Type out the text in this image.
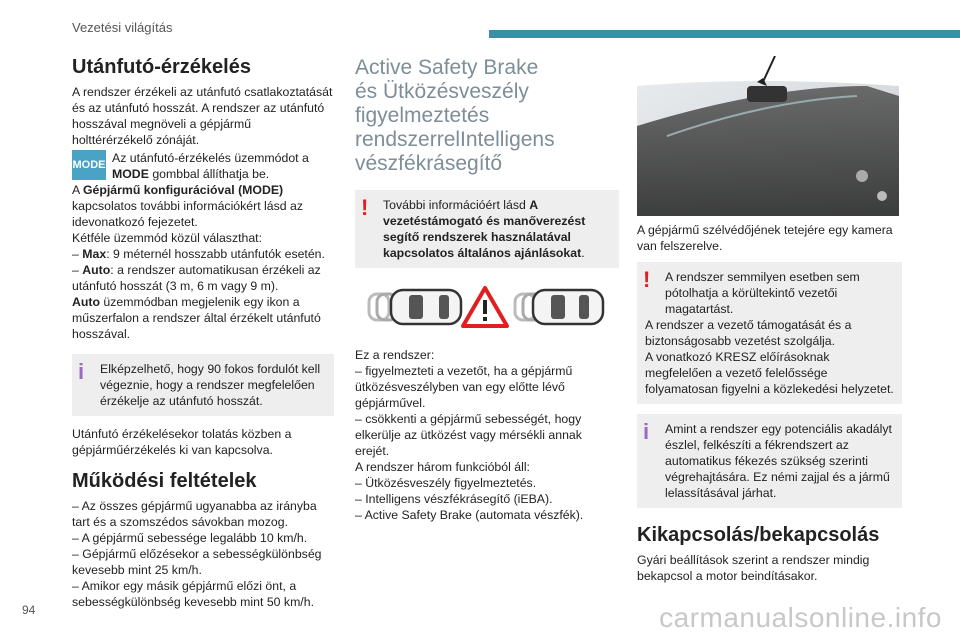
Vezetési világítás
Utánfutó-érzékelés

A rendszer érzékeli az utánfutó csatlakoztatását és az utánfutó hosszát. A rendszer az utánfutó hosszával megnöveli a gépjármű holttérérzékelő zónáját.

MODE Az utánfutó-érzékelés üzemmódot a MODE gombbal állíthatja be.

A Gépjármű konfigurációval (MODE) kapcsolatos további információkért lásd az idevonatkozó fejezetet.

Kétféle üzemmód közül választhat:

– Max: 9 méternél hosszabb utánfutók esetén.

– Auto: a rendszer automatikusan érzékeli az utánfutó hosszát (3 m, 6 m vagy 9 m).

Auto üzemmódban megjelenik egy ikon a műszerfalon a rendszer által érzékelt utánfutó hosszával.

i	Elképzelhető, hogy 90 fokos fordulót kell végeznie, hogy a rendszer megfelelően érzékelje az utánfutó hosszát.

Utánfutó érzékelésekor tolatás közben a gépjárműérzékelés ki van kapcsolva.

Működési feltételek

– Az összes gépjármű ugyanabba az irányba tart és a szomszédos sávokban mozog.

– A gépjármű sebessége legalább 10 km/h.

– Gépjármű előzésekor a sebességkülönbség kevesebb mint 25 km/h.

– Amikor egy másik gépjármű előzi önt, a sebességkülönbség kevesebb mint 50 km/h.

Active Safety Brake
és Ütközésveszély
figyelmeztetés
rendszerrelIntelligens
vészfékrásegítő
!	További információért lásd A vezetéstámogató és manőverezést segítő rendszerek használatával kapcsolatos általános ajánlásokat.

Ez a rendszer:

– figyelmezteti a vezetőt, ha a gépjármű ütközésveszélyben van egy előtte lévő gépjárművel.

– csökkenti a gépjármű sebességét, hogy elkerülje az ütközést vagy mérsékli annak erejét.

A rendszer három funkcióból áll:

– Ütközésveszély figyelmeztetés.

– Intelligens vészfékrásegítő (iEBA).

– Active Safety Brake (automata vészfék).

A gépjármű szélvédőjének tetejére egy kamera van felszerelve.

!	A rendszer semmilyen esetben sem pótolhatja a körültekintő vezetői magatartást.

A rendszer a vezető támogatását és a biztonságosabb vezetést szolgálja.

A vonatkozó KRESZ előírásoknak megfelelően a vezető felelőssége folyamatosan figyelni a közlekedési helyzetet.

i	Amint a rendszer egy potenciális akadályt észlel, felkészíti a fékrendszert az automatikus fékezés szükség szerinti végrehajtására. Ez némi zajjal és a jármű lelassításával járhat.

Kikapcsolás/bekapcsolás

Gyári beállítások szerint a rendszer mindig bekapcsol a motor beindításakor.

94	carmanualsonline.info
